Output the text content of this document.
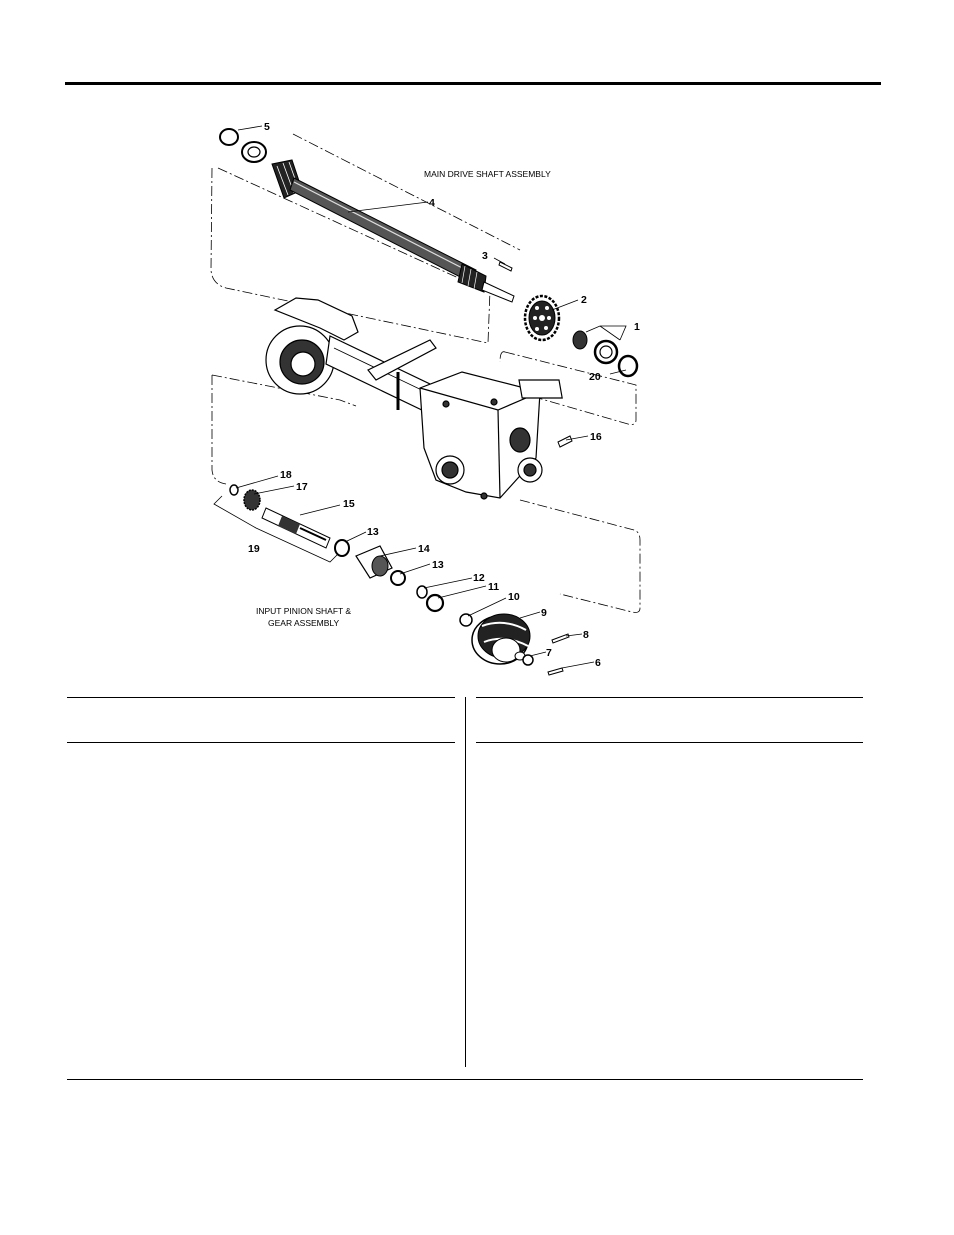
5
4
3
2
1
20
16
18
17
15
19
13
14
13
12
11
10
9
8
7
6
MAIN DRIVE SHAFT ASSEMBLY
INPUT PINION SHAFT &
GEAR ASSEMBLY
